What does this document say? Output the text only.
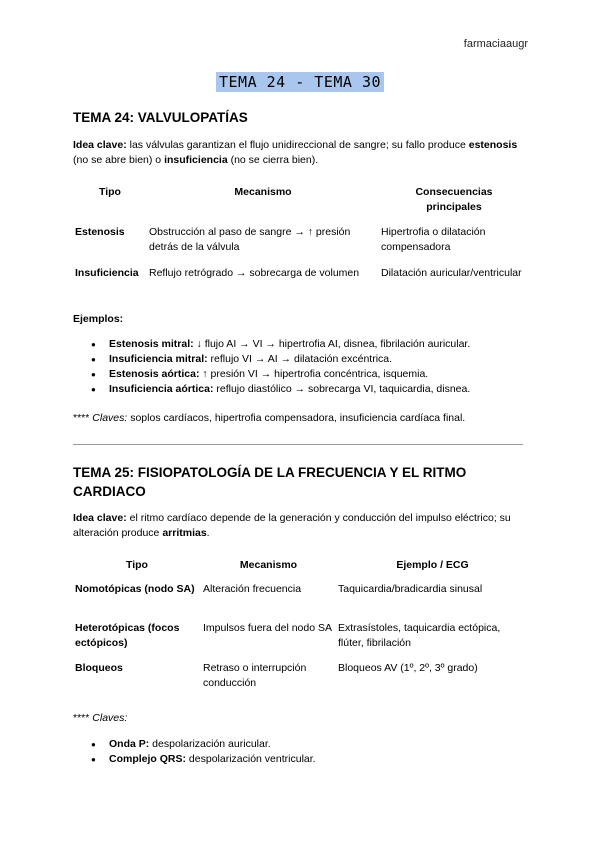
farmaciaaugr
TEMA 24 - TEMA 30
TEMA 24: VALVULOPATÍAS

Idea clave: las válvulas garantizan el flujo unidireccional de sangre; su fallo produce estenosis (no se abre bien) o insuficiencia (no se cierra bien).

Tipo	Mecanismo	Consecuencias principales
Estenosis	Obstrucción al paso de sangre → ↑ presión detrás de la válvula	Hipertrofia o dilatación compensadora
Insuficiencia	Reflujo retrógrado → sobrecarga de volumen	Dilatación auricular/ventricular

Ejemplos:

● Estenosis mitral: ↓ flujo AI → VI → hipertrofia AI, disnea, fibrilación auricular.
● Insuficiencia mitral: reflujo VI → AI → dilatación excéntrica.
● Estenosis aórtica: ↑ presión VI → hipertrofia concéntrica, isquemia.
● Insuficiencia aórtica: reflujo diastólico → sobrecarga VI, taquicardia, disnea.

**** Claves: soplos cardíacos, hipertrofia compensadora, insuficiencia cardíaca final.

TEMA 25: FISIOPATOLOGÍA DE LA FRECUENCIA Y EL RITMO CARDIACO

Idea clave: el ritmo cardíaco depende de la generación y conducción del impulso eléctrico; su alteración produce arritmias.

Tipo	Mecanismo	Ejemplo / ECG
Nomotópicas (nodo SA)	Alteración frecuencia	Taquicardia/bradicardia sinusal
Heterotópicas (focos ectópicos)	Impulsos fuera del nodo SA	Extrasístoles, taquicardia ectópica, flúter, fibrilación
Bloqueos	Retraso o interrupción conducción	Bloqueos AV (1º, 2º, 3º grado)

**** Claves:

● Onda P: despolarización auricular.
● Complejo QRS: despolarización ventricular.
